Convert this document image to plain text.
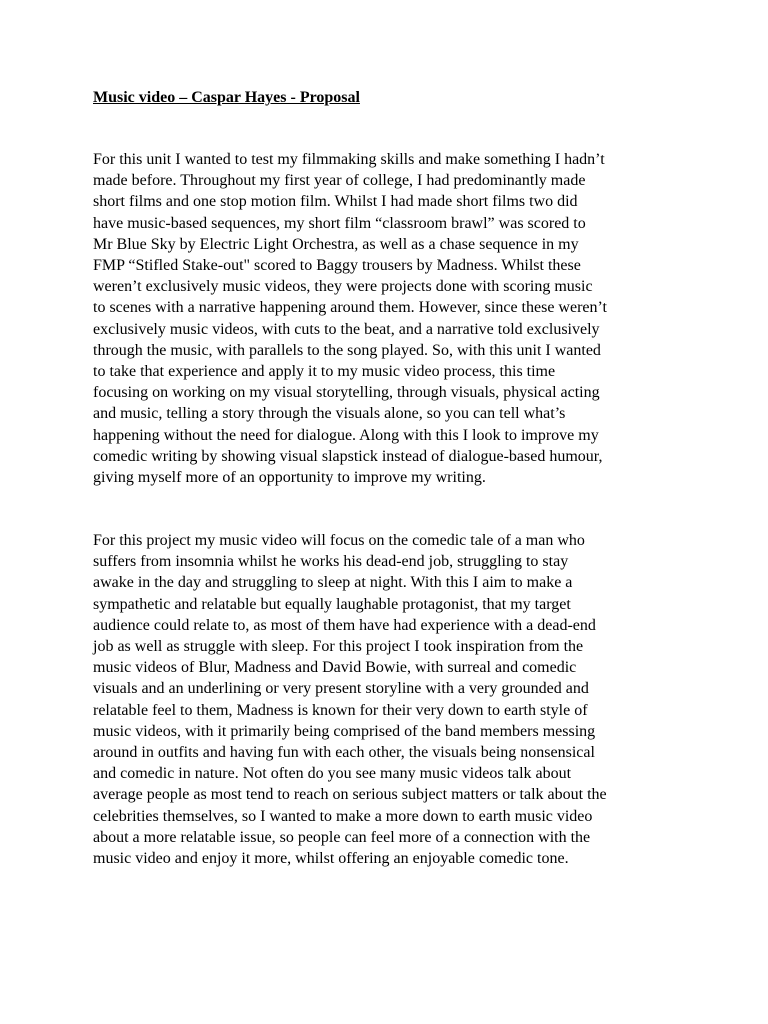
Music video – Caspar Hayes - Proposal

For this unit I wanted to test my filmmaking skills and make something I hadn’t
made before. Throughout my first year of college, I had predominantly made
short films and one stop motion film. Whilst I had made short films two did
have music-based sequences, my short film “classroom brawl” was scored to
Mr Blue Sky by Electric Light Orchestra, as well as a chase sequence in my
FMP “Stifled Stake-out" scored to Baggy trousers by Madness. Whilst these
weren’t exclusively music videos, they were projects done with scoring music
to scenes with a narrative happening around them. However, since these weren’t
exclusively music videos, with cuts to the beat, and a narrative told exclusively
through the music, with parallels to the song played. So, with this unit I wanted
to take that experience and apply it to my music video process, this time
focusing on working on my visual storytelling, through visuals, physical acting
and music, telling a story through the visuals alone, so you can tell what’s
happening without the need for dialogue. Along with this I look to improve my
comedic writing by showing visual slapstick instead of dialogue-based humour,
giving myself more of an opportunity to improve my writing.

For this project my music video will focus on the comedic tale of a man who
suffers from insomnia whilst he works his dead-end job, struggling to stay
awake in the day and struggling to sleep at night. With this I aim to make a
sympathetic and relatable but equally laughable protagonist, that my target
audience could relate to, as most of them have had experience with a dead-end
job as well as struggle with sleep. For this project I took inspiration from the
music videos of Blur, Madness and David Bowie, with surreal and comedic
visuals and an underlining or very present storyline with a very grounded and
relatable feel to them, Madness is known for their very down to earth style of
music videos, with it primarily being comprised of the band members messing
around in outfits and having fun with each other, the visuals being nonsensical
and comedic in nature. Not often do you see many music videos talk about
average people as most tend to reach on serious subject matters or talk about the
celebrities themselves, so I wanted to make a more down to earth music video
about a more relatable issue, so people can feel more of a connection with the
music video and enjoy it more, whilst offering an enjoyable comedic tone.
